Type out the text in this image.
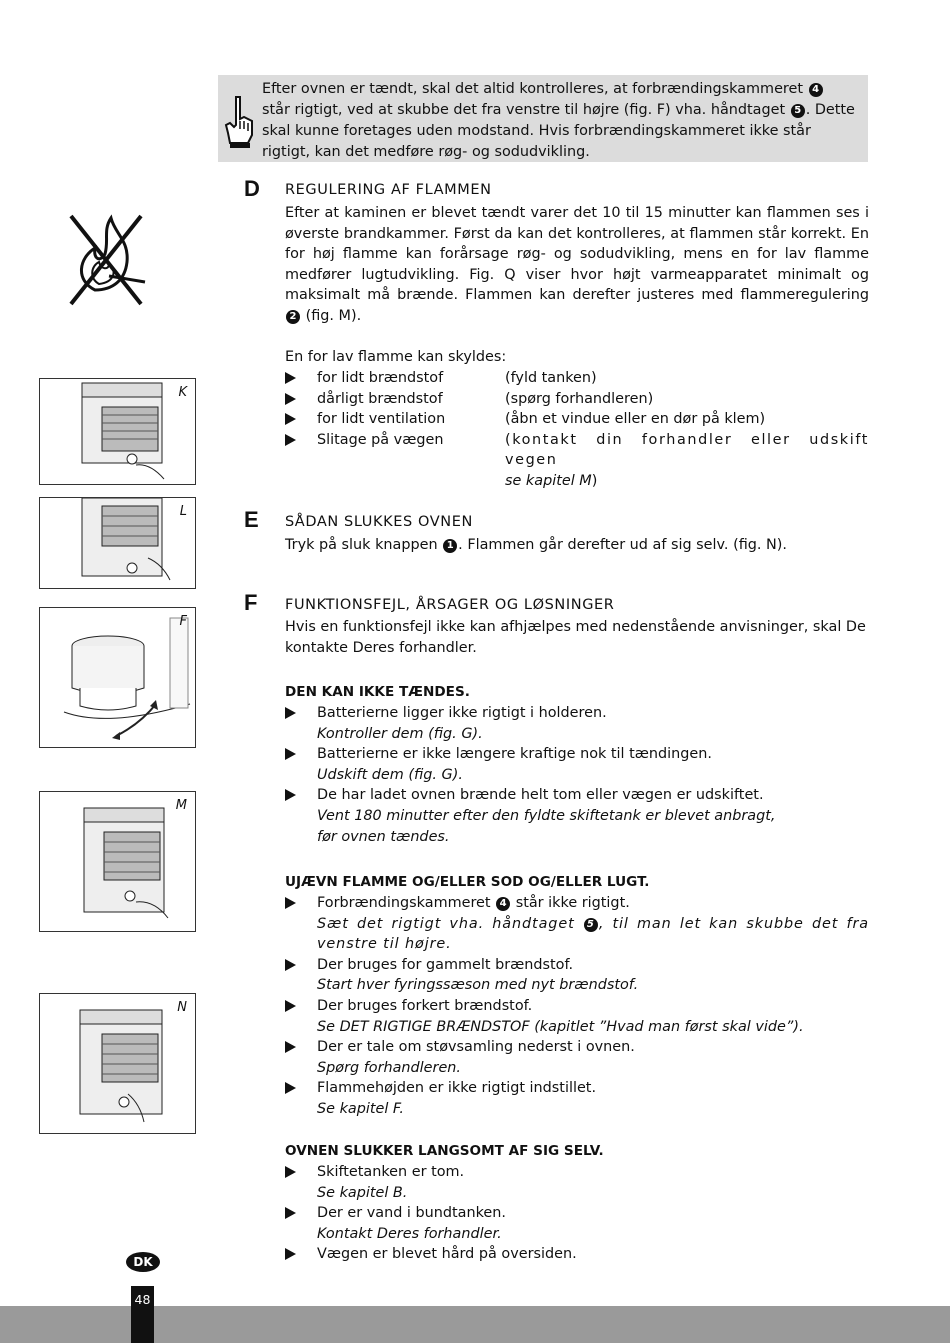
Efter ovnen er tændt, skal det altid kontrolleres, at forbrændingskammeret 4
står rigtigt, ved at skubbe det fra venstre til højre (fig. F) vha. håndtaget 5 . Dette
skal kunne foretages uden modstand. Hvis forbrændingskammeret ikke står
rigtigt, kan det medføre røg- og sodudvikling.
D REGULERING AF FLAMMEN
Efter at kaminen er blevet tændt varer det 10 til 15 minutter kan flammen ses i øverste brandkammer. Først da kan det kontrolleres, at flammen står korrekt. En for høj flamme kan forårsage røg- og sodudvikling, mens en for lav flamme medfører lugtudvikling. Fig. Q viser hvor højt varmeapparatet minimalt og maksimalt må brænde. Flammen kan derefter justeres med flammeregulering 2 (fig. M).
En for lav flamme kan skyldes:
for lidt brændstof	(fyld tanken)
dårligt brændstof	(spørg forhandleren)
for lidt ventilation	(åbn et vindue eller en dør på klem)
Slitage på vægen	(kontakt din forhandler eller udskift vegen
se kapitel M)
E SÅDAN SLUKKES OVNEN
Tryk på sluk knappen 1 . Flammen går derefter ud af sig selv. (fig. N).
F FUNKTIONSFEJL, ÅRSAGER OG LØSNINGER
Hvis en funktionsfejl ikke kan afhjælpes med nedenstående anvisninger, skal De kontakte Deres forhandler.
DEN KAN IKKE TÆNDES.
Batterierne ligger ikke rigtigt i holderen.
Kontroller dem (fig. G).
Batterierne er ikke længere kraftige nok til tændingen.
Udskift dem (fig. G).
De har ladet ovnen brænde helt tom eller vægen er udskiftet.
Vent 180 minutter efter den fyldte skiftetank er blevet anbragt, før ovnen tændes.
UJÆVN FLAMME OG/ELLER SOD OG/ELLER LUGT.
Forbrændingskammeret 4 står ikke rigtigt.

Sæt det rigtigt vha. håndtaget 5 , til man let kan skubbe det fra venstre til højre.
Der bruges for gammelt brændstof.
Start hver fyringssæson med nyt brændstof.
Der bruges forkert brændstof.
Se DET RIGTIGE BRÆNDSTOF (kapitlet ”Hvad man først skal vide”).
Der er tale om støvsamling nederst i ovnen.
Spørg forhandleren.
Flammehøjden er ikke rigtigt indstillet.
Se kapitel F.
OVNEN SLUKKER LANGSOMT AF SIG SELV.
Skiftetanken er tom.
Se kapitel B.
Der er vand i bundtanken.
Kontakt Deres forhandler.
Vægen er blevet hård på oversiden.
K
L
F
M
N
DK
48
